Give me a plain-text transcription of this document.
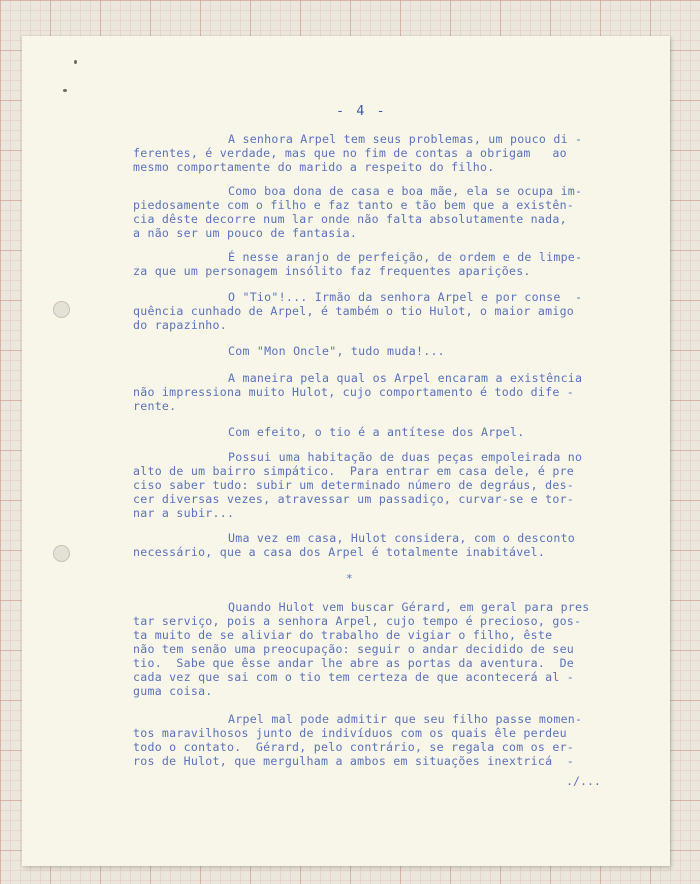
- 4 -

A senhora Arpel tem seus problemas, um pouco di -

ferentes, é verdade, mas que no fim de contas a obrigam   ao

mesmo comportamente do marido a respeito do filho.

Como boa dona de casa e boa mãe, ela se ocupa im-

piedosamente com o filho e faz tanto e tão bem que a existên-

cia dêste decorre num lar onde não falta absolutamente nada,

a não ser um pouco de fantasia.

É nesse aranjo de perfeição, de ordem e de limpe-

za que um personagem insólito faz frequentes aparições.

O "Tio"!... Irmão da senhora Arpel e por conse  -

quência cunhado de Arpel, é também o tio Hulot, o maior amigo

do rapazinho.

Com "Mon Oncle", tudo muda!...

A maneira pela qual os Arpel encaram a existência

não impressiona muito Hulot, cujo comportamento é todo dife -

rente.

Com efeito, o tio é a antítese dos Arpel.

Possui uma habitação de duas peças empoleirada no

alto de um bairro simpático.  Para entrar em casa dele, é pre

ciso saber tudo: subir um determinado número de degráus, des-

cer diversas vezes, atravessar um passadiço, curvar-se e tor-

nar a subir...

Uma vez em casa, Hulot considera, com o desconto

necessário, que a casa dos Arpel é totalmente inabitável.

Quando Hulot vem buscar Gérard, em geral para pres

tar serviço, pois a senhora Arpel, cujo tempo é precioso, gos-

ta muito de se aliviar do trabalho de vigiar o filho, êste

não tem senão uma preocupação: seguir o andar decidido de seu

tio.  Sabe que êsse andar lhe abre as portas da aventura.  De

cada vez que sai com o tio tem certeza de que acontecerá al -

guma coisa.

Arpel mal pode admitir que seu filho passe momen-

tos maravilhosos junto de indivíduos com os quais êle perdeu

todo o contato.  Gérard, pelo contrário, se regala com os er-

ros de Hulot, que mergulham a ambos em situações inextricá  -

*
./...
